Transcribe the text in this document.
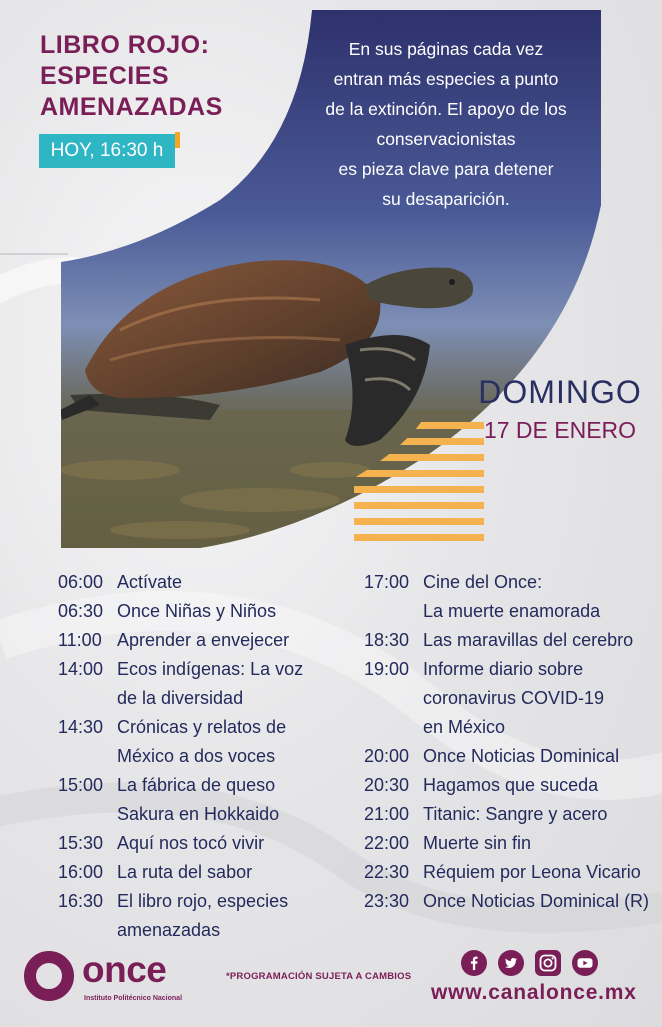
LIBRO ROJO:
ESPECIES
AMENAZADAS
HOY, 16:30 h
En sus páginas cada vez
entran más especies a punto
de la extinción. El apoyo de los
conservacionistas
es pieza clave para detener
su desaparición.
DOMINGO
17 DE ENERO
06:00 Actívate
06:30 Once Niñas y Niños
11:00 Aprender a envejecer
14:00 Ecos indígenas: La voz
de la diversidad
14:30 Crónicas y relatos de
México a dos voces
15:00 La fábrica de queso
Sakura en Hokkaido
15:30 Aquí nos tocó vivir
16:00 La ruta del sabor
16:30 El libro rojo, especies
amenazadas
17:00 Cine del Once:
La muerte enamorada
18:30 Las maravillas del cerebro
19:00 Informe diario sobre
coronavirus COVID-19
en México
20:00 Once Noticias Dominical
20:30 Hagamos que suceda
21:00 Titanic: Sangre y acero
22:00 Muerte sin fin
22:30 Réquiem por Leona Vicario
23:30 Once Noticias Dominical (R)
once
Instituto Politécnico Nacional
*PROGRAMACIÓN SUJETA A CAMBIOS
www.canalonce.mx
